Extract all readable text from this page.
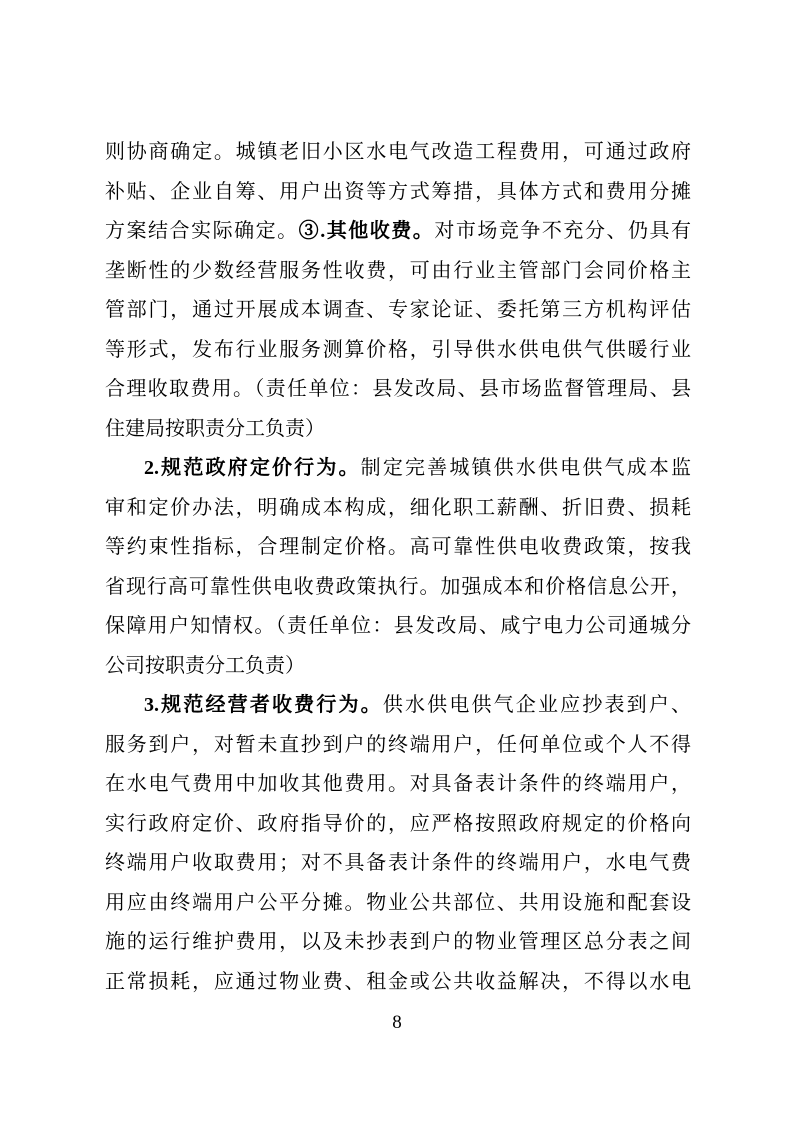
则协商确定。城镇老旧小区水电气改造工程费用，可通过政府
补贴、企业自筹、用户出资等方式筹措，具体方式和费用分摊
方案结合实际确定。③.其他收费。对市场竞争不充分、仍具有
垄断性的少数经营服务性收费，可由行业主管部门会同价格主
管部门，通过开展成本调查、专家论证、委托第三方机构评估
等形式，发布行业服务测算价格，引导供水供电供气供暖行业
合理收取费用。（责任单位：县发改局、县市场监督管理局、县
住建局按职责分工负责）
2.规范政府定价行为。制定完善城镇供水供电供气成本监
审和定价办法，明确成本构成，细化职工薪酬、折旧费、损耗
等约束性指标，合理制定价格。高可靠性供电收费政策，按我
省现行高可靠性供电收费政策执行。加强成本和价格信息公开，
保障用户知情权。（责任单位：县发改局、咸宁电力公司通城分
公司按职责分工负责）
3.规范经营者收费行为。供水供电供气企业应抄表到户、
服务到户，对暂未直抄到户的终端用户，任何单位或个人不得
在水电气费用中加收其他费用。对具备表计条件的终端用户，
实行政府定价、政府指导价的，应严格按照政府规定的价格向
终端用户收取费用；对不具备表计条件的终端用户，水电气费
用应由终端用户公平分摊。物业公共部位、共用设施和配套设
施的运行维护费用，以及未抄表到户的物业管理区总分表之间
正常损耗，应通过物业费、租金或公共收益解决，不得以水电
8
